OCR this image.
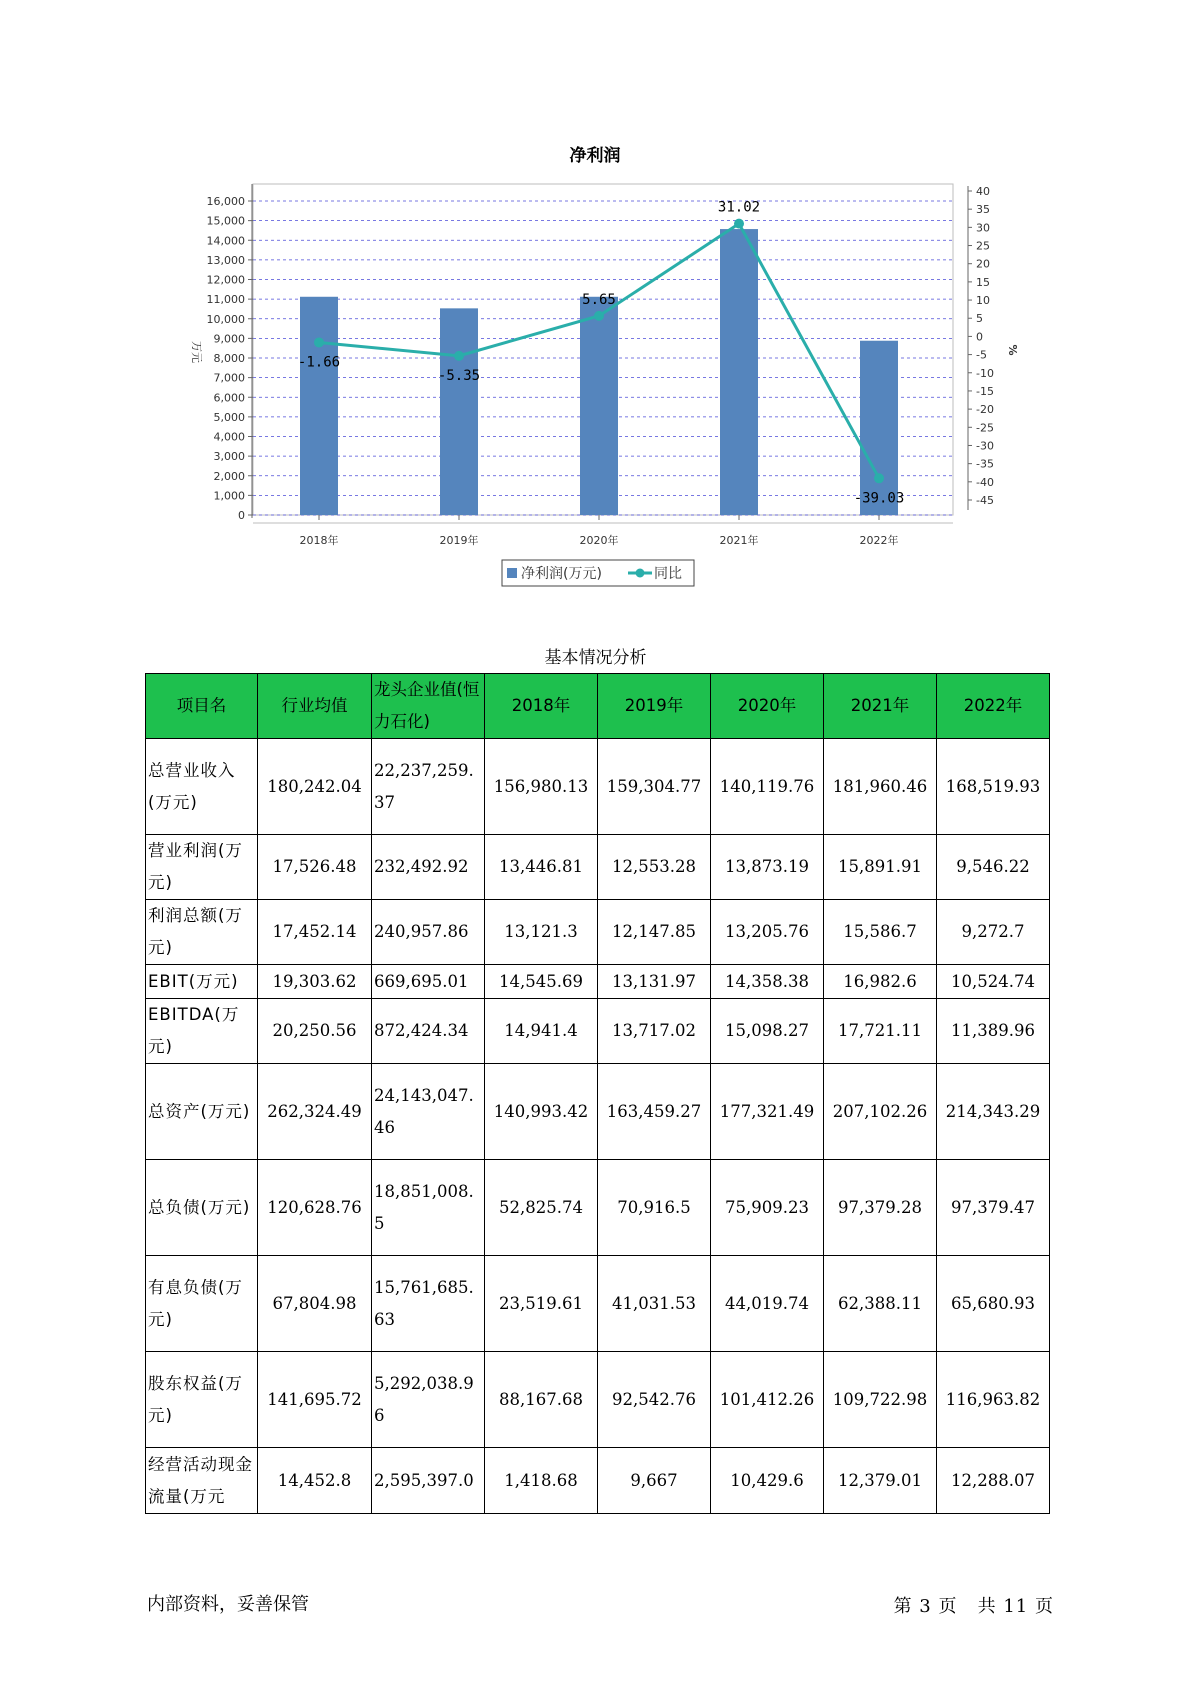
净利润
0
1,000
2,000
3,000
4,000
5,000
6,000
7,000
8,000
9,000
10,000
11,000
12,000
13,000
14,000
15,000
16,000
-45
-40
-35
-30
-25
-20
-15
-10
-5
0
5
10
15
20
25
30
35
40
万元	%
2018年	2019年	2020年	2021年	2022年
-1.66
-5.35
5.65
31.02
-39.03
净利润(万元)	同比
基本情况分析
项目名	行业均值	龙头企业值(恒力石化)	2018年	2019年	2020年	2021年	2022年
总营业收入(万元)	180,242.04	22,237,259.37	156,980.13	159,304.77	140,119.76	181,960.46	168,519.93
营业利润(万元)	17,526.48	232,492.92	13,446.81	12,553.28	13,873.19	15,891.91	9,546.22
利润总额(万元)	17,452.14	240,957.86	13,121.3	12,147.85	13,205.76	15,586.7	9,272.7
EBIT(万元)	19,303.62	669,695.01	14,545.69	13,131.97	14,358.38	16,982.6	10,524.74
EBITDA(万元)	20,250.56	872,424.34	14,941.4	13,717.02	15,098.27	17,721.11	11,389.96
总资产(万元)	262,324.49	24,143,047.46	140,993.42	163,459.27	177,321.49	207,102.26	214,343.29
总负债(万元)	120,628.76	18,851,008.5	52,825.74	70,916.5	75,909.23	97,379.28	97,379.47
有息负债(万元)	67,804.98	15,761,685.63	23,519.61	41,031.53	44,019.74	62,388.11	65,680.93
股东权益(万元)	141,695.72	5,292,038.96	88,167.68	92,542.76	101,412.26	109,722.98	116,963.82
经营活动现金流量(万元	14,452.8	2,595,397.0	1,418.68	9,667	10,429.6	12,379.01	12,288.07
内部资料，妥善保管	第 3 页   共 11 页
